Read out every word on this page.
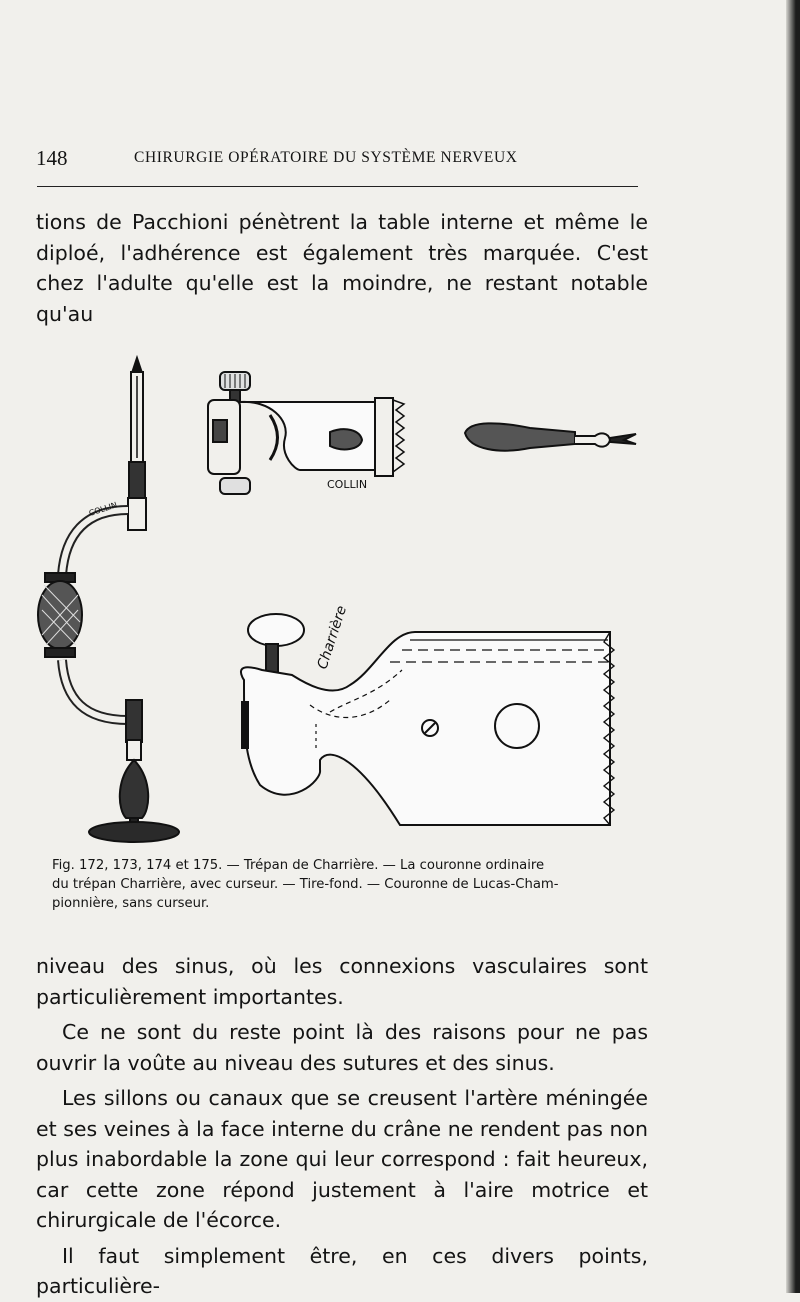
148	CHIRURGIE OPÉRATOIRE DU SYSTÈME NERVEUX

tions de Pacchioni pénètrent la table interne et même le diploé, l'adhérence est également très marquée. C'est chez l'adulte qu'elle est la moindre, ne restant notable qu'au

COLLIN
COLLIN
Charrière
Fig. 172, 173, 174 et 175. — Trépan de Charrière. — La couronne ordinaire
du trépan Charrière, avec curseur. — Tire-fond. — Couronne de Lucas-Cham-
pionnière, sans curseur.

niveau des sinus, où les connexions vasculaires sont particulièrement importantes.

Ce ne sont du reste point là des raisons pour ne pas ouvrir la voûte au niveau des sutures et des sinus.

Les sillons ou canaux que se creusent l'artère méningée et ses veines à la face interne du crâne ne rendent pas non plus inabordable la zone qui leur correspond : fait heureux, car cette zone répond justement à l'aire motrice et chirurgicale de l'écorce.

Il faut simplement être, en ces divers points, particulière-
